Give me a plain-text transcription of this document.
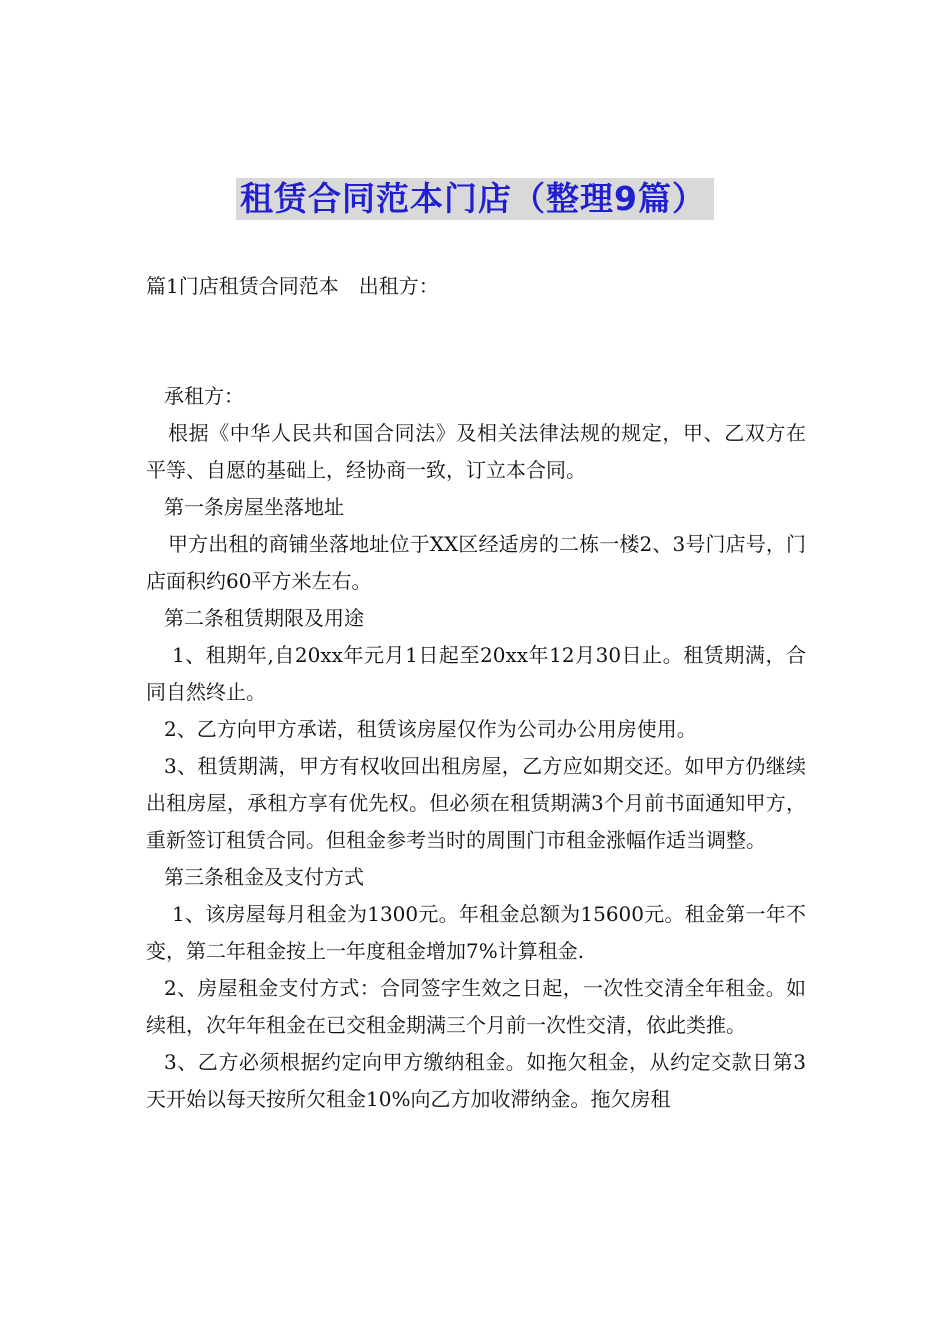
租赁合同范本门店（整理9篇）
篇1门店租赁合同范本 出租方：

承租方：

根据《中华人民共和国合同法》及相关法律法规的规定，甲、乙双方在平等、自愿的基础上，经协商一致，订立本合同。

第一条房屋坐落地址

甲方出租的商铺坐落地址位于XX区经适房的二栋一楼2、3号门店号，门店面积约60平方米左右。

第二条租赁期限及用途

1、租期年,自20xx年元月1日起至20xx年12月30日止。租赁期满，合同自然终止。

2、乙方向甲方承诺，租赁该房屋仅作为公司办公用房使用。

3、租赁期满，甲方有权收回出租房屋，乙方应如期交还。如甲方仍继续出租房屋，承租方享有优先权。但必须在租赁期满3个月前书面通知甲方，重新签订租赁合同。但租金参考当时的周围门市租金涨幅作适当调整。

第三条租金及支付方式

1、该房屋每月租金为1300元。年租金总额为15600元。租金第一年不变，第二年租金按上一年度租金增加7%计算租金.

2、房屋租金支付方式：合同签字生效之日起，一次性交清全年租金。如续租，次年年租金在已交租金期满三个月前一次性交清，依此类推。

3、乙方必须根据约定向甲方缴纳租金。如拖欠租金，从约定交款日第3天开始以每天按所欠租金10%向乙方加收滞纳金。拖欠房租
